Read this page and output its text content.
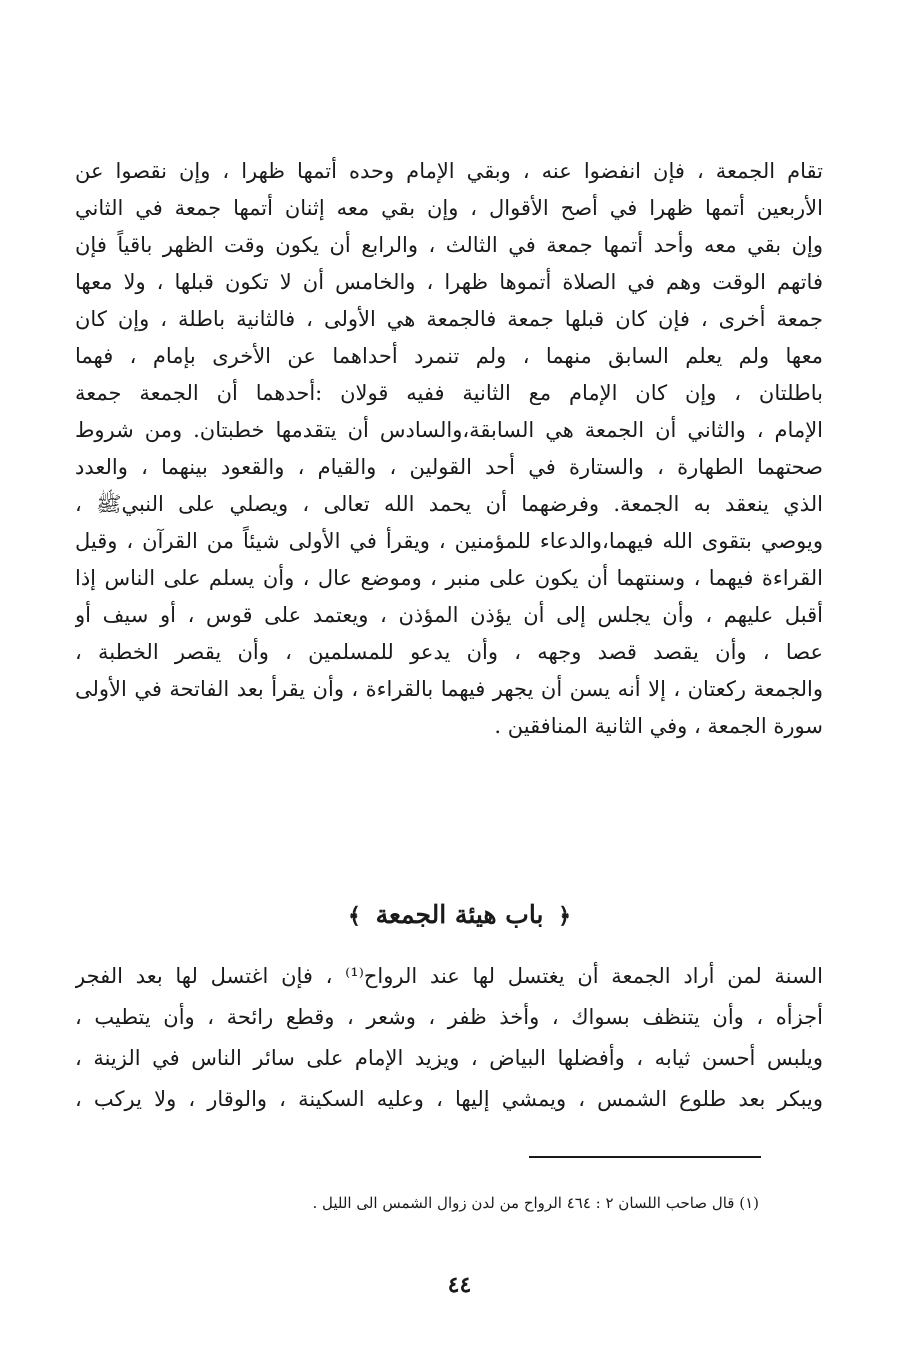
تقام الجمعة ، فإن انفضوا عنه ، وبقي الإمام وحده أتمها ظهرا ، وإن نقصوا عن
الأربعين أتمها ظهرا في أصح الأقوال ، وإن بقي معه إثنان أتمها جمعة في الثاني
وإن بقي معه وأحد أتمها جمعة في الثالث ، والرابع أن يكون وقت الظهر باقياً فإن
فاتهم الوقت وهم في الصلاة أتموها ظهرا ، والخامس أن لا تكون قبلها ، ولا معها
جمعة أخرى ، فإن كان قبلها جمعة فالجمعة هي الأولى ، فالثانية باطلة ، وإن كان
معها ولم يعلم السابق منهما ، ولم تنمرد أحداهما عن الأخرى بإمام ، فهما
باطلتان ، وإن كان الإمام مع الثانية ففيه قولان :أحدهما أن الجمعة جمعة
الإمام ، والثاني أن الجمعة هي السابقة،والسادس أن يتقدمها خطبتان. ومن شروط
صحتهما الطهارة ، والستارة في أحد القولين ، والقيام ، والقعود بينهما ، والعدد
الذي ينعقد به الجمعة. وفرضهما أن يحمد الله تعالى ، ويصلي على النبيﷺ ،
ويوصي بتقوى الله فيهما،والدعاء للمؤمنين ، ويقرأ في الأولى شيئاً من القرآن ، وقيل
القراءة فيهما ، وسنتهما أن يكون على منبر ، وموضع عال ، وأن يسلم على الناس إذا
أقبل عليهم ، وأن يجلس إلى أن يؤذن المؤذن ، ويعتمد على قوس ، أو سيف أو
عصا ، وأن يقصد قصد وجهه ، وأن يدعو للمسلمين ، وأن يقصر الخطبة ،
والجمعة ركعتان ، إلا أنه يسن أن يجهر فيهما بالقراءة ، وأن يقرأ بعد الفاتحة في الأولى
سورة الجمعة ، وفي الثانية المنافقين .
﴿ باب هيئة الجمعة ﴾
السنة لمن أراد الجمعة أن يغتسل لها عند الرواح⁽¹⁾ ، فإن اغتسل لها بعد الفجر
أجزأه ، وأن يتنظف بسواك ، وأخذ ظفر ، وشعر ، وقطع رائحة ، وأن يتطيب ،
ويلبس أحسن ثيابه ، وأفضلها البياض ، ويزيد الإمام على سائر الناس في الزينة ،
ويبكر بعد طلوع الشمس ، ويمشي إليها ، وعليه السكينة ، والوقار ، ولا يركب ،
(١) قال صاحب اللسان ٢ : ٤٦٤ الرواح من لدن زوال الشمس الى الليل .
٤٤
